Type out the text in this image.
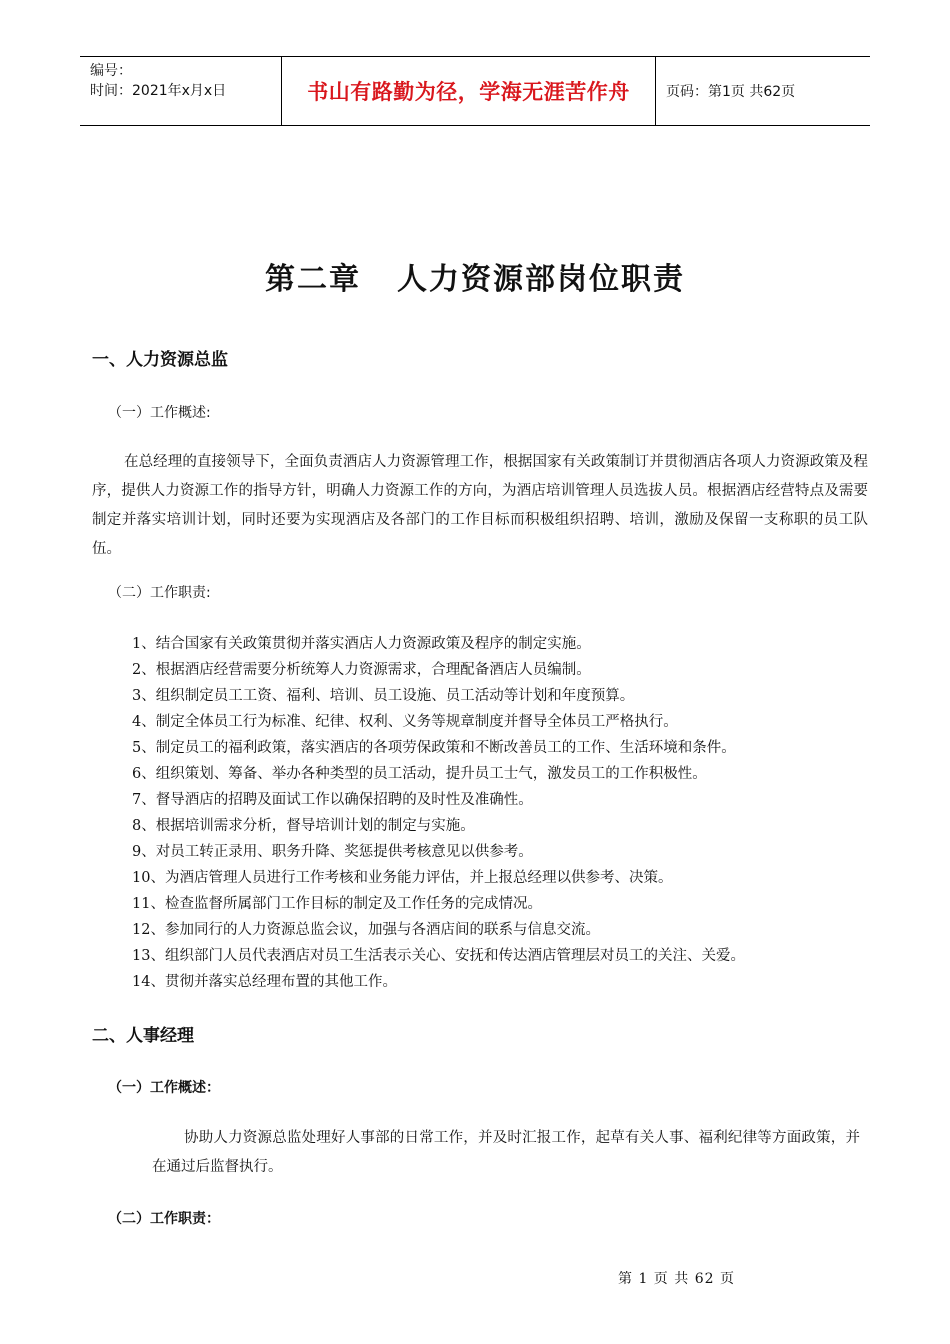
编号：
时间：2021年x月x日	书山有路勤为径，学海无涯苦作舟	页码：第1页 共62页
第二章 人力资源部岗位职责
一、人力资源总监
（一）工作概述:
在总经理的直接领导下，全面负责酒店人力资源管理工作，根据国家有关政策制订并贯彻酒店各项人力资源政策及程序，提供人力资源工作的指导方针，明确人力资源工作的方向，为酒店培训管理人员选拔人员。根据酒店经营特点及需要制定并落实培训计划，同时还要为实现酒店及各部门的工作目标而积极组织招聘、培训，激励及保留一支称职的员工队伍。
（二）工作职责:
1、结合国家有关政策贯彻并落实酒店人力资源政策及程序的制定实施。
2、根据酒店经营需要分析统筹人力资源需求，合理配备酒店人员编制。
3、组织制定员工工资、福利、培训、员工设施、员工活动等计划和年度预算。
4、制定全体员工行为标准、纪律、权利、义务等规章制度并督导全体员工严格执行。
5、制定员工的福利政策，落实酒店的各项劳保政策和不断改善员工的工作、生活环境和条件。
6、组织策划、筹备、举办各种类型的员工活动，提升员工士气，激发员工的工作积极性。
7、督导酒店的招聘及面试工作以确保招聘的及时性及准确性。
8、根据培训需求分析，督导培训计划的制定与实施。
9、对员工转正录用、职务升降、奖惩提供考核意见以供参考。
10、为酒店管理人员进行工作考核和业务能力评估，并上报总经理以供参考、决策。
11、检查监督所属部门工作目标的制定及工作任务的完成情况。
12、参加同行的人力资源总监会议，加强与各酒店间的联系与信息交流。
13、组织部门人员代表酒店对员工生活表示关心、安抚和传达酒店管理层对员工的关注、关爱。
14、贯彻并落实总经理布置的其他工作。
二、人事经理
（一）工作概述：
协助人力资源总监处理好人事部的日常工作，并及时汇报工作，起草有关人事、福利纪律等方面政策，并在通过后监督执行。
（二）工作职责：
第 1 页 共 62 页
